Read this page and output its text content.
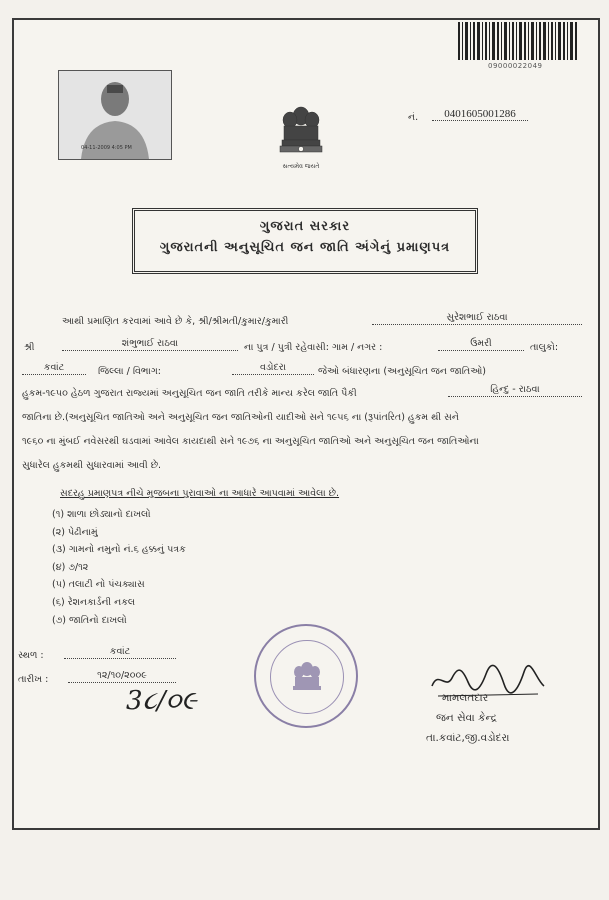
09000022049
04-11-2009 4:05 PM
નં.	0401605001286
સત્યમેવ જયતે
ગુજરાત સરકાર
ગુજરાતની અનુસૂચિત જન જાતિ અંગેનું પ્રમાણપત્ર
આથી પ્રમાણિત કરવામાં આવે છે કે, શ્રી/શ્રીમતી/કુમાર/કુમારી	સુરેશભાઈ રાઠવા
શ્રી	શંભુભાઈ રાઠવા	ના પુત્ર / પુત્રી રહેવાસી: ગામ / નગર :	ઉમરી	તાલુકો:
કવાંટ	જિલ્લા / વિભાગ:	વડોદરા	જેઓ બંધારણના (અનુસૂચિત જન જાતિઓ)
હુકમ-૧૯૫૦ હેઠળ ગુજરાત રાજ્યમાં અનુસૂચિત જન જાતિ તરીકે માન્ય કરેલ જાતિ પૈકી	હિન્દુ - રાઠવા
જાતિના છે.(અનુસૂચિત જાતિઓ અને અનુસૂચિત જન જાતિઓની યાદીઓ સને ૧૯૫૬ ના (રૂપાંતરિત) હુકમ થી સને
૧૯૬૦ ના મુંબઈ નવેસરથી ઘડવામાં આવેલ કાયદાથી સને ૧૯૭૬ ના અનુસૂચિત જાતિઓ અને અનુસૂચિત જન જાતિઓના
સુધારેલ હુકમથી સુધારવામાં આવી છે.
સદરહુ પ્રમાણપત્ર નીચે મુજબના પુરાવાઓ ના આધારે આપવામાં આવેલા છે.
(૧) શાળા છોડ્યાનો દાખલો
(૨) પેઢીનામું
(૩) ગામનો નમુનો નં.૬ હક્કનું પત્રક
(૪) ૭/૧૨
(૫) તલાટી નો પંચક્યાસ
(૬) રેશનકાર્ડની નકલ
(૭) જાતિનો દાખલો
સ્થળ :	કવાંટ
તારીખ :	૧૨/૧૦/૨૦૦૯
3૮/૦૯	મામલતદાર
જન સેવા કેન્દ્ર
તા.કવાંટ,જી.વડોદરા
